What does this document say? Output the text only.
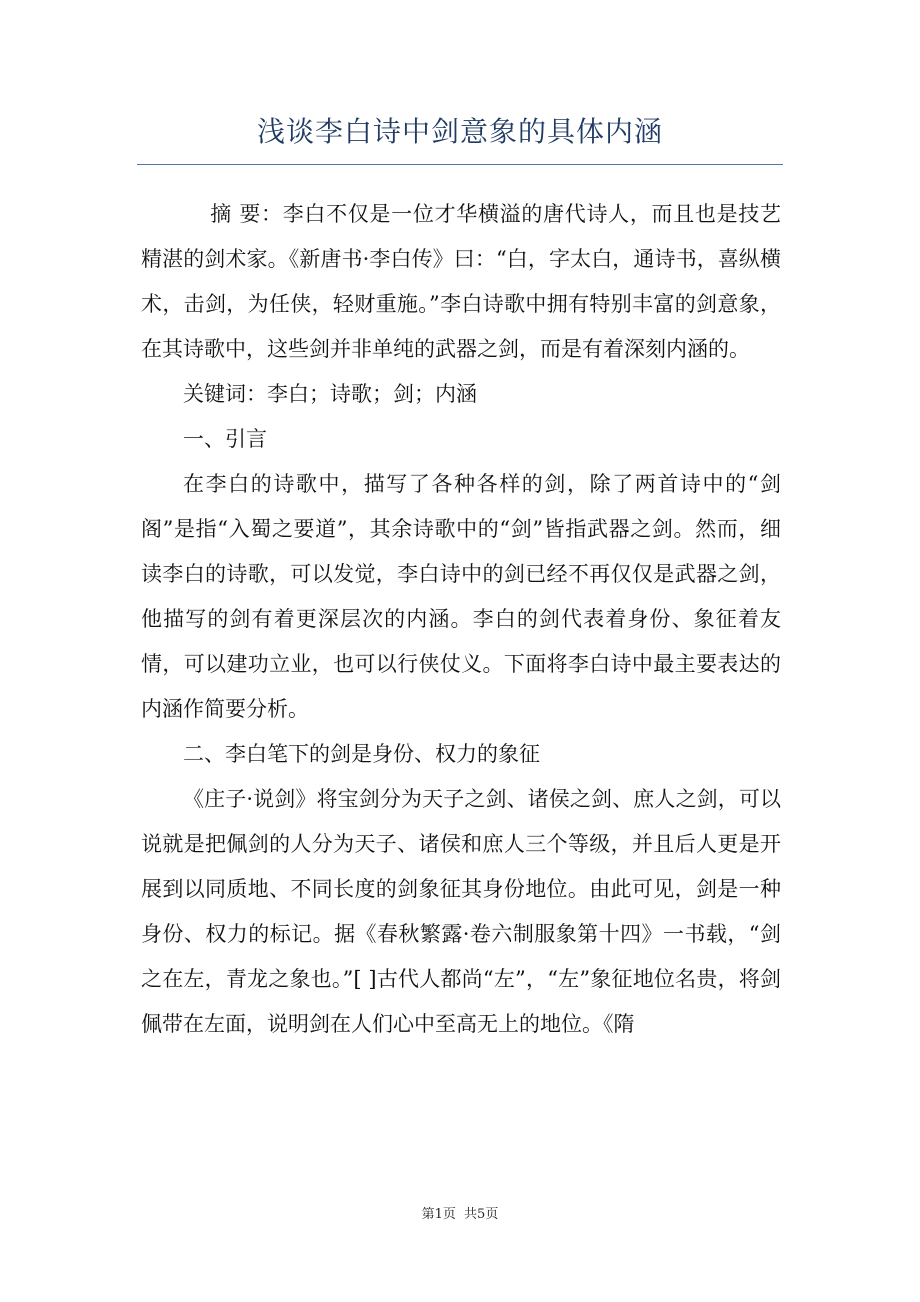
浅谈李白诗中剑意象的具体内涵

摘 要：李白不仅是一位才华横溢的唐代诗人，而且也是技艺精湛的剑术家。《新唐书·李白传》曰：“白，字太白，通诗书，喜纵横术，击剑，为任侠，轻财重施。”李白诗歌中拥有特别丰富的剑意象，在其诗歌中，这些剑并非单纯的武器之剑，而是有着深刻内涵的。

关键词：李白；诗歌；剑；内涵

一、引言

在李白的诗歌中，描写了各种各样的剑，除了两首诗中的“剑阁”是指“入蜀之要道”，其余诗歌中的“剑”皆指武器之剑。然而，细读李白的诗歌，可以发觉，李白诗中的剑已经不再仅仅是武器之剑，他描写的剑有着更深层次的内涵。李白的剑代表着身份、象征着友情，可以建功立业，也可以行侠仗义。下面将李白诗中最主要表达的内涵作简要分析。

二、李白笔下的剑是身份、权力的象征

《庄子·说剑》将宝剑分为天子之剑、诸侯之剑、庶人之剑，可以说就是把佩剑的人分为天子、诸侯和庶人三个等级，并且后人更是开展到以同质地、不同长度的剑象征其身份地位。由此可见，剑是一种身份、权力的标记。据《春秋繁露·卷六制服象第十四》一书载，“剑之在左，青龙之象也。”[ ]古代人都尚“左”，“左”象征地位名贵，将剑佩带在左面，说明剑在人们心中至高无上的地位。《隋

第1页 共5页
